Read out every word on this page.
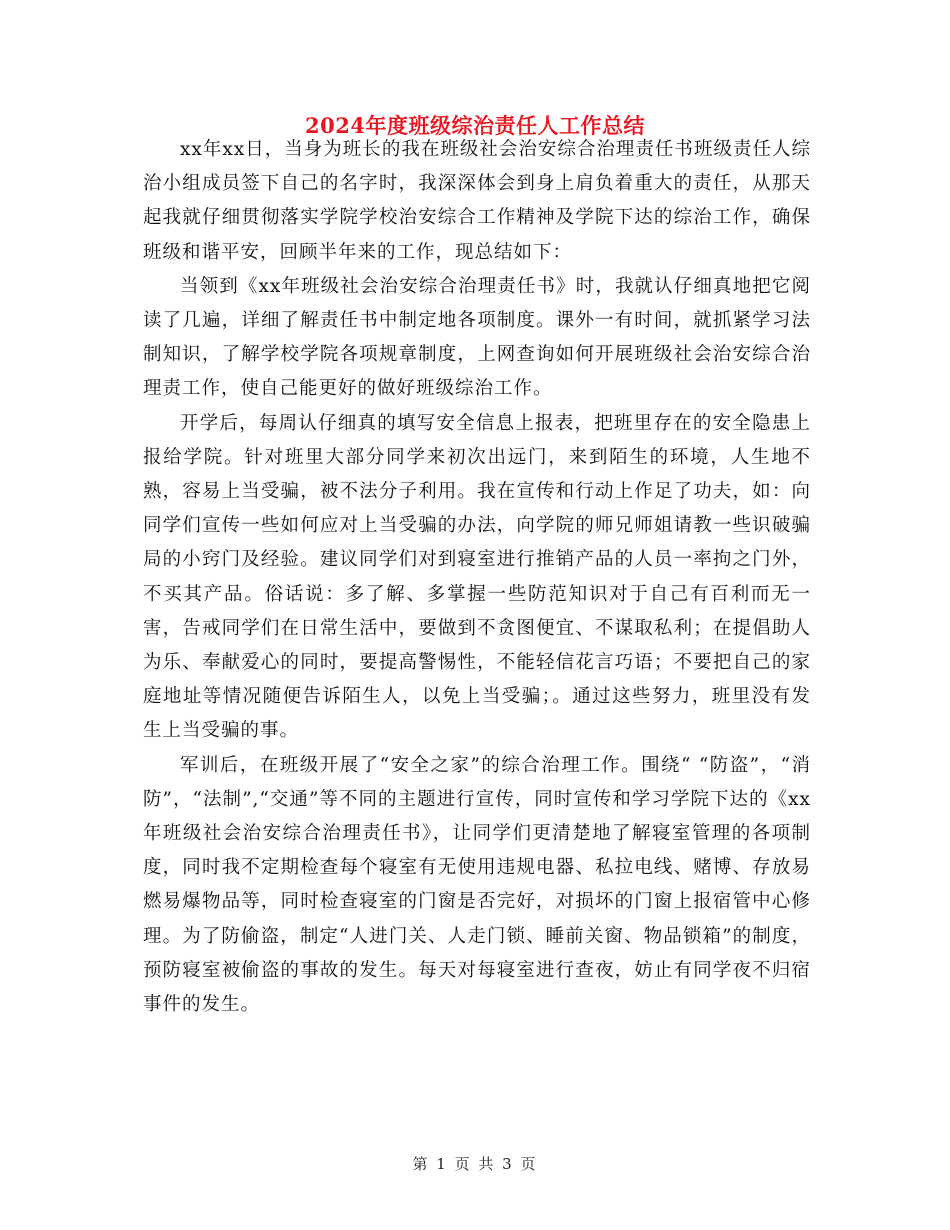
2024年度班级综治责任人工作总结

xx年xx日，当身为班长的我在班级社会治安综合治理责任书班级责任人综治小组成员签下自己的名字时，我深深体会到身上肩负着重大的责任，从那天起我就仔细贯彻落实学院学校治安综合工作精神及学院下达的综治工作，确保班级和谐平安，回顾半年来的工作，现总结如下：

当领到《xx年班级社会治安综合治理责任书》时，我就认仔细真地把它阅读了几遍，详细了解责任书中制定地各项制度。课外一有时间，就抓紧学习法制知识，了解学校学院各项规章制度，上网查询如何开展班级社会治安综合治理责工作，使自己能更好的做好班级综治工作。

开学后，每周认仔细真的填写安全信息上报表，把班里存在的安全隐患上报给学院。针对班里大部分同学来初次出远门，来到陌生的环境，人生地不熟，容易上当受骗，被不法分子利用。我在宣传和行动上作足了功夫，如：向同学们宣传一些如何应对上当受骗的办法，向学院的师兄师姐请教一些识破骗局的小窍门及经验。建议同学们对到寝室进行推销产品的人员一率拘之门外，不买其产品。俗话说：多了解、多掌握一些防范知识对于自己有百利而无一害，告戒同学们在日常生活中，要做到不贪图便宜、不谋取私利；在提倡助人为乐、奉献爱心的同时，要提高警惕性，不能轻信花言巧语；不要把自己的家庭地址等情况随便告诉陌生人，以免上当受骗；。通过这些努力，班里没有发生上当受骗的事。

军训后，在班级开展了“安全之家”的综合治理工作。围绕“ “防盗”，“消防”，“法制”,“交通”等不同的主题进行宣传，同时宣传和学习学院下达的《xx年班级社会治安综合治理责任书》，让同学们更清楚地了解寝室管理的各项制度，同时我不定期检查每个寝室有无使用违规电器、私拉电线、赌博、存放易燃易爆物品等，同时检查寝室的门窗是否完好，对损坏的门窗上报宿管中心修理。为了防偷盗，制定“人进门关、人走门锁、睡前关窗、物品锁箱”的制度，预防寝室被偷盗的事故的发生。每天对每寝室进行查夜，妨止有同学夜不归宿事件的发生。

第 1 页 共 3 页
